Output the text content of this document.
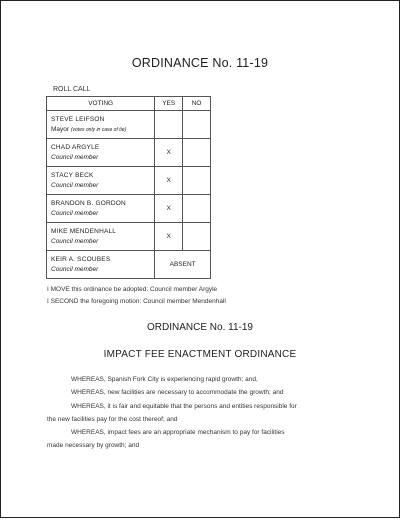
ORDINANCE No. 11-19
ROLL CALL
VOTING	YES	NO

STEVE LEIFSON
Mayor (votes only in case of tie)		

CHAD ARGYLE
Council member	X	

STACY BECK
Council member	X	

BRANDON B. GORDON
Council member	X	

MIKE MENDENHALL
Council member	X	

KEIR A. SCOUBES
Council member	ABSENT	
I MOVE this ordinance be adopted: Council member Argyle
I SECOND the foregoing motion: Council member Mendenhall
ORDINANCE No. 11-19
IMPACT FEE ENACTMENT ORDINANCE

WHEREAS, Spanish Fork City is experiencing rapid growth; and,

WHEREAS, new facilities are necessary to accommodate the growth; and

WHEREAS, it is fair and equitable that the persons and entities responsible for

the new facilities pay for the cost thereof; and

WHEREAS, impact fees are an appropriate mechanism to pay for facilities

made necessary by growth; and
